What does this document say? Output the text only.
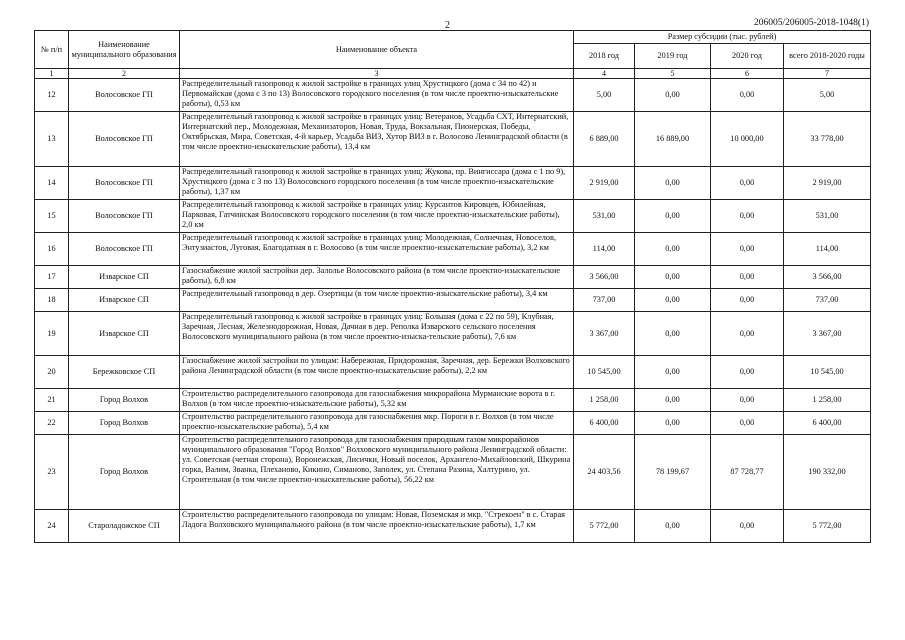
2	206005/206005-2018-1048(1)
№ п/п	Наименование муниципального образования	Наименование объекта	Размер субсидии (тыс. рублей)			
			2018 год	2019 год	2020 год	всего 2018-2020 годы
1	2	3	4	5	6	7
12	Волосовское ГП	Распределительный газопровод к жилой застройке в границах улиц Хрустицкого (дома с 34 по 42) и Первомайская (дома с 3 по 13) Волосовского городского поселения (в том числе проектно-изыскательские работы), 0,53 км	5,00	0,00	0,00	5,00
13	Волосовское ГП	Распределительный газопровод к жилой застройке в границах улиц: Ветеранов, Усадьба СХТ, Интернатский, Интернатский пер., Молодежная, Механизаторов, Новая, Труда, Вокзальная, Пионерская, Победы, Октябрьская, Мира, Советская, 4-й карьер, Усадьба ВИЗ, Хутор ВИЗ в г. Волосово Ленинградской области (в том числе проектно-изыскательские работы), 13,4 км	6 889,00	16 889,00	10 000,00	33 778,00
14	Волосовское ГП	Распределительный газопровод к жилой застройке в границах улиц: Жукова, пр. Вингиссара (дома с 1 по 9), Хрустицкого (дома с 3 по 13) Волосовского городского поселения (в том числе проектно-изыскательские работы), 1,37 км	2 919,00	0,00	0,00	2 919,00
15	Волосовское ГП	Распределительный газопровод к жилой застройке в границах улиц: Курсантов Кировцев, Юбилейная, Парковая, Гатчинская Волосовского городского поселения (в том числе проектно-изыскательские работы), 2,0 км	531,00	0,00	0,00	531,00
16	Волосовское ГП	Распределительный газопровод к жилой застройке в границах улиц: Молодежная, Солнечная, Новоселов, Энтузиастов, Луговая, Благодатная в г. Волосово (в том числе проектно-изыскательские работы), 3,2 км	114,00	0,00	0,00	114,00
17	Изварское СП	Газоснабжение жилой застройки дер. Залолье Волосовского района (в том числе проектно-изыскательские работы), 6,8 км	3 566,00	0,00	0,00	3 566,00
18	Изварское СП	Распределительный газопровод в дер. Озертицы (в том числе проектно-изыскательские работы), 3,4 км	737,00	0,00	0,00	737,00
19	Изварское СП	Распределительный газопровод к жилой застройке в границах улиц: Большая (дома с 22 по 59), Клубная, Заречная, Лесная, Железнодорожная, Новая, Дачная в дер. Реполка Изварского сельского поселения Волосовского муниципального района (в том числе проектно-изыска-тельские работы), 7,6 км	3 367,00	0,00	0,00	3 367,00
20	Бережковское СП	Газоснабжение жилой застройки по улицам: Набережная, Придорожная, Заречная, дер. Бережки Волховского района Ленинградской области (в том числе проектно-изыскательские работы), 2,2 км	10 545,00	0,00	0,00	10 545,00
21	Город Волхов	Строительство распределительного газопровода для газоснабжения микрорайона Мурманские ворота в г. Волхов (в том числе проектно-изыскательские работы), 5,32 км	1 258,00	0,00	0,00	1 258,00
22	Город Волхов	Строительство распределительного газопровода для газоснабжения мкр. Пороги в г. Волхов (в том числе проектно-изыскательские работы), 5,4 км	6 400,00	0,00	0,00	6 400,00
23	Город Волхов	Строительство распределительного газопровода для газоснабжения природным газом микрорайонов муниципального образования "Город Волхов" Волховского муниципального района Ленинградской области: ул. Советская (четная сторона), Воронежская, Лисички, Новый поселок, Архангело-Михайловский, Шкурина горка, Валим, Званка, Плеханово, Кикино, Симаново, Заполек, ул. Степана Разина, Халтурино, ул. Строительная (в том числе проектно-изыскательские работы), 56,22 км	24 403,56	78 199,67	87 728,77	190 332,00
24	Староладожское СП	Строительство распределительного газопровода по улицам: Новая, Поземская и мкр. "Стрекоен" в с. Старая Ладога Волховского муниципального района (в том числе проектно-изыскательские работы), 1,7 км	5 772,00	0,00	0,00	5 772,00
